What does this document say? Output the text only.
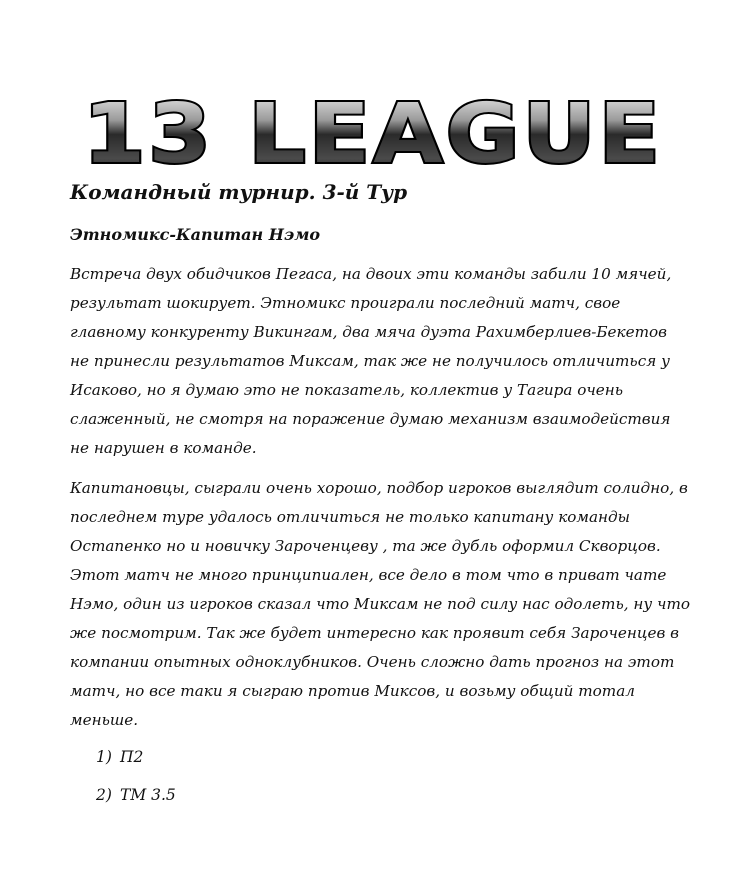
13 LEAGUE
Командный турнир. 3-й Тур
Этномикс-Капитан Нэмо

Встреча двух обидчиков Пегаса, на двоих эти команды забили 10 мячей, результат шокирует. Этномикс проиграли последний матч, свое главному конкуренту Викингам, два мяча дуэта Рахимберлиев-Бекетов не принесли результатов Миксам, так же не получилось отличиться у Исаково, но я думаю это не показатель, коллектив у Тагира очень слаженный, не смотря на поражение думаю механизм взаимодействия не нарушен в команде.

Капитановцы, сыграли очень хорошо, подбор игроков выглядит солидно, в последнем туре удалось отличиться не только капитану команды Остапенко но и новичку Зароченцеву , та же дубль оформил Скворцов. Этот матч не много принципиален, все дело в том что в приват чате Нэмо, один из игроков сказал что Миксам не под силу нас одолеть, ну что же посмотрим. Так же будет интересно как проявит себя Зароченцев в компании опытных одноклубников. Очень сложно дать прогноз на этот матч, но все таки я сыграю против Миксов, и возьму общий тотал меньше.

1) П2
2) ТМ 3.5
